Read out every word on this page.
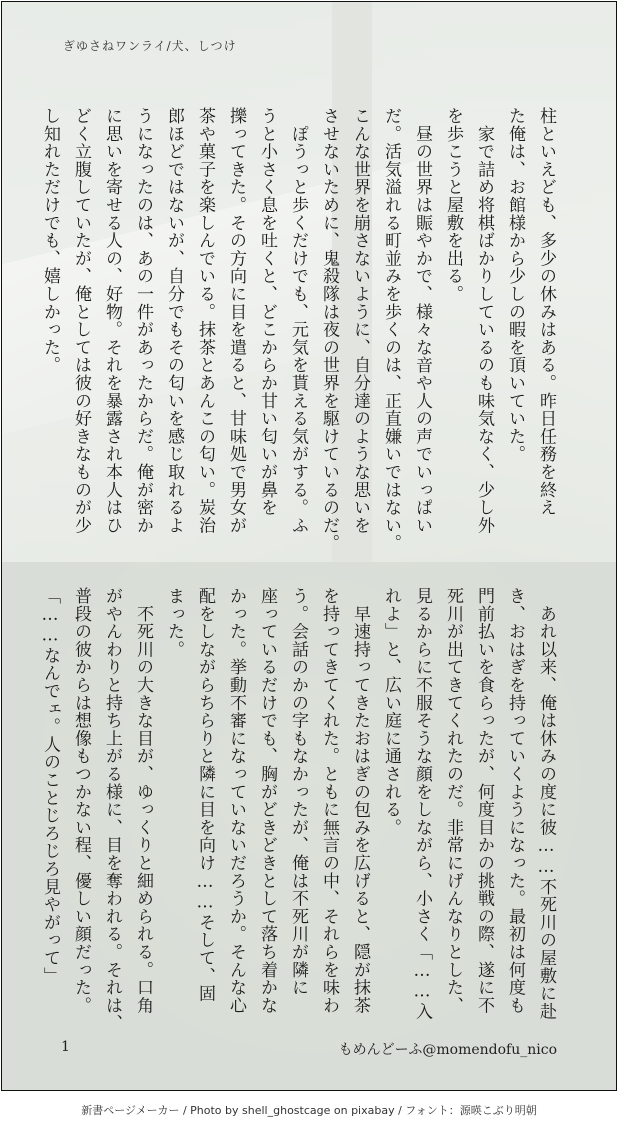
ぎゆさねワンライ/犬、しつけ
柱といえども、多少の休みはある。昨日任務を終え
た俺は、お館様から少しの暇を頂いていた。
　家で詰め将棋ばかりしているのも味気なく、少し外
を歩こうと屋敷を出る。
　昼の世界は賑やかで、様々な音や人の声でいっぱい
だ。活気溢れる町並みを歩くのは、正直嫌いではない。
こんな世界を崩さないように、自分達のような思いを
させないために、鬼殺隊は夜の世界を駆けているのだ。
　ぽうっと歩くだけでも、元気を貰える気がする。ふ
うと小さく息を吐くと、どこからか甘い匂いが鼻を
擽ってきた。その方向に目を遣ると、甘味処で男女が
茶や菓子を楽しんでいる。抹茶とあんこの匂い。炭治
郎ほどではないが、自分でもその匂いを感じ取れるよ
うになったのは、あの一件があったからだ。俺が密か
に思いを寄せる人の、好物。それを暴露され本人はひ
どく立腹していたが、俺としては彼の好きなものが少
し知れただけでも、嬉しかった。
　あれ以来、俺は休みの度に彼……不死川の屋敷に赴
き、おはぎを持っていくようになった。最初は何度も
門前払いを食らったが、何度目かの挑戦の際、遂に不
死川が出てきてくれたのだ。非常にげんなりとした、
見るからに不服そうな顔をしながら、小さく「……入
れよ」と、広い庭に通される。
　早速持ってきたおはぎの包みを広げると、隠が抹茶
を持ってきてくれた。ともに無言の中、それらを味わ
う。会話のかの字もなかったが、俺は不死川が隣に
座っているだけでも、胸がどきどきとして落ち着かな
かった。挙動不審になっていないだろうか。そんな心
配をしながらちらりと隣に目を向け……そして、固
まった。
　不死川の大きな目が、ゆっくりと細められる。口角
がやんわりと持ち上がる様に、目を奪われる。それは、
普段の彼からは想像もつかない程、優しい顔だった。
「……なんでェ。人のことじろじろ見やがって」
1	もめんどーふ@momendofu_nico
新書ページメーカー / Photo by shell_ghostcage on pixabay / フォント：源暎こぶり明朝
